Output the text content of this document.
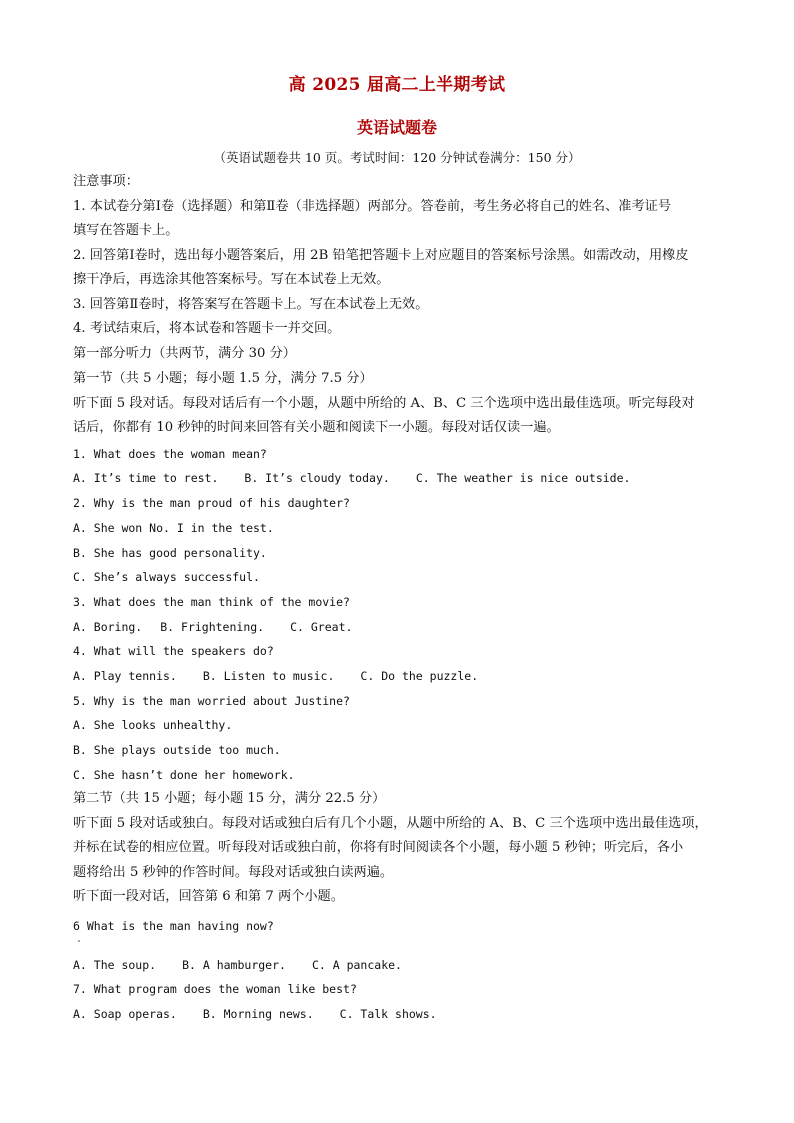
高 2025 届高二上半期考试
英语试题卷
（英语试题卷共 10 页。考试时间：120 分钟试卷满分：150 分）
注意事项：
1. 本试卷分第Ⅰ卷（选择题）和第Ⅱ卷（非选择题）两部分。答卷前，考生务必将自己的姓名、准考证号
填写在答题卡上。
2. 回答第Ⅰ卷时，选出每小题答案后，用 2B 铅笔把答题卡上对应题目的答案标号涂黑。如需改动，用橡皮
擦干净后，再选涂其他答案标号。写在本试卷上无效。
3. 回答第Ⅱ卷时，将答案写在答题卡上。写在本试卷上无效。
4. 考试结束后，将本试卷和答题卡一并交回。
第一部分听力（共两节，满分 30 分）
第一节（共 5 小题；每小题 1.5 分，满分 7.5 分）
听下面 5 段对话。每段对话后有一个小题，从题中所给的 A、B、C 三个选项中选出最佳选项。听完每段对
话后，你都有 10 秒钟的时间来回答有关小题和阅读下一小题。每段对话仅读一遍。
1. What does the woman mean?
A. It’s time to rest. B. It’s cloudy today. C. The weather is nice outside.
2. Why is the man proud of his daughter?
A. She won No. I in the test.
B. She has good personality.
C. She’s always successful.
3. What does the man think of the movie?
A. Boring. B. Frightening. C. Great.
4. What will the speakers do?
A. Play tennis. B. Listen to music. C. Do the puzzle.
5. Why is the man worried about Justine?
A. She looks unhealthy.
B. She plays outside too much.
C. She hasn’t done her homework.
第二节（共 15 小题；每小题 15 分，满分 22.5 分）
听下面 5 段对话或独白。每段对话或独白后有几个小题，从题中所给的 A、B、C 三个选项中选出最佳选项，
并标在试卷的相应位置。听每段对话或独白前，你将有时间阅读各个小题，每小题 5 秒钟；听完后，各小
题将给出 5 秒钟的作答时间。每段对话或独白读两遍。
听下面一段对话，回答第 6 和第 7 两个小题。
6 What is the man having now?
A. The soup. B. A hamburger. C. A pancake.
7. What program does the woman like best?
A. Soap operas. B. Morning news. C. Talk shows.
